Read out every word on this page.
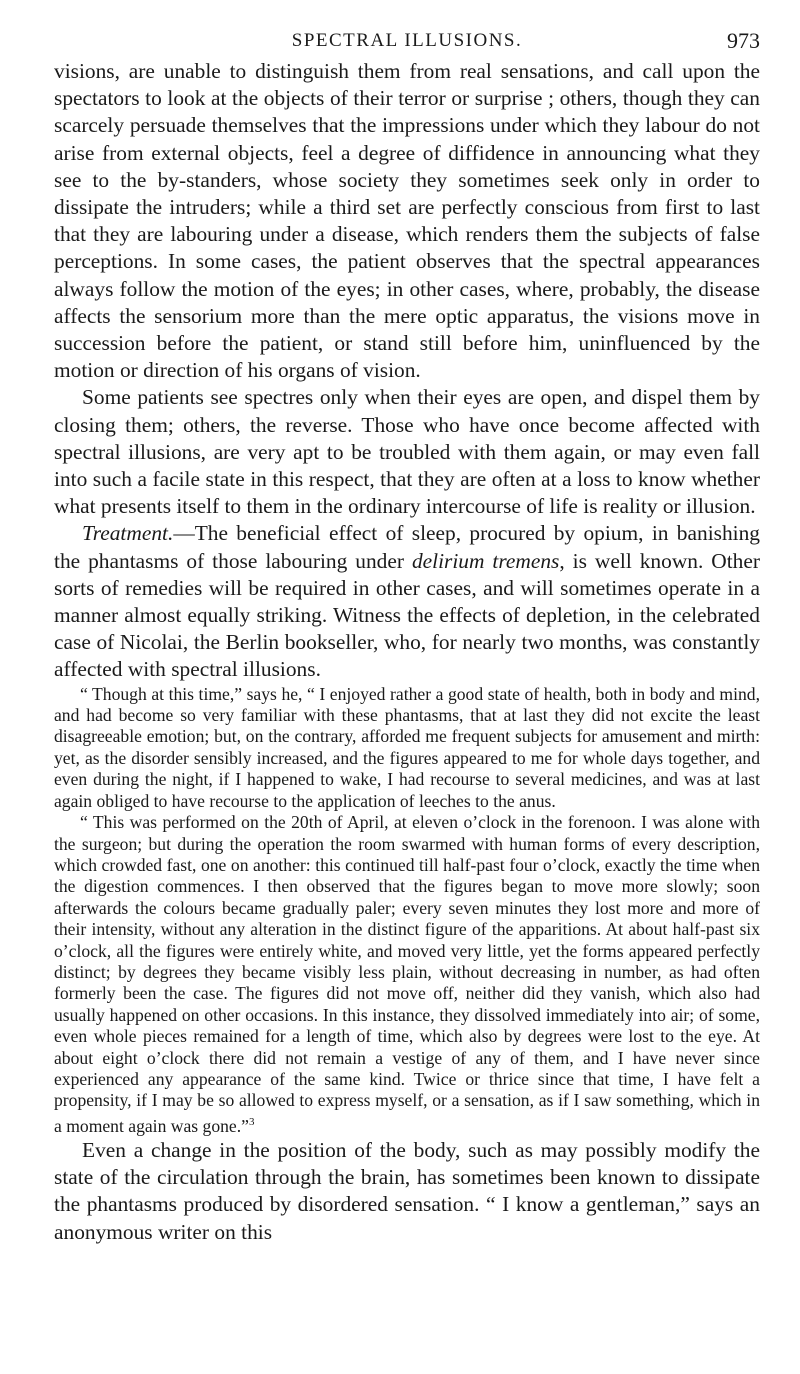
SPECTRAL ILLUSIONS.	973

visions, are unable to distinguish them from real sensations, and call upon the spectators to look at the objects of their terror or surprise ; others, though they can scarcely persuade themselves that the impressions under which they labour do not arise from external objects, feel a degree of diffidence in announcing what they see to the by-standers, whose society they sometimes seek only in order to dissipate the intruders; while a third set are perfectly conscious from first to last that they are labouring under a disease, which renders them the subjects of false perceptions. In some cases, the patient observes that the spectral appearances always follow the motion of the eyes; in other cases, where, probably, the disease affects the sensorium more than the mere optic apparatus, the visions move in succession before the patient, or stand still before him, uninfluenced by the motion or direction of his organs of vision.

Some patients see spectres only when their eyes are open, and dispel them by closing them; others, the reverse. Those who have once become affected with spectral illusions, are very apt to be troubled with them again, or may even fall into such a facile state in this respect, that they are often at a loss to know whether what presents itself to them in the ordinary intercourse of life is reality or illusion.

Treatment.—The beneficial effect of sleep, procured by opium, in banishing the phantasms of those labouring under delirium tremens, is well known. Other sorts of remedies will be required in other cases, and will sometimes operate in a manner almost equally striking. Witness the effects of depletion, in the celebrated case of Nicolai, the Berlin bookseller, who, for nearly two months, was constantly affected with spectral illusions.

“ Though at this time,” says he, “ I enjoyed rather a good state of health, both in body and mind, and had become so very familiar with these phantasms, that at last they did not excite the least disagreeable emotion; but, on the contrary, afforded me frequent subjects for amusement and mirth: yet, as the disorder sensibly increased, and the figures appeared to me for whole days together, and even during the night, if I happened to wake, I had recourse to several medicines, and was at last again obliged to have recourse to the application of leeches to the anus.

“ This was performed on the 20th of April, at eleven o’clock in the forenoon. I was alone with the surgeon; but during the operation the room swarmed with human forms of every description, which crowded fast, one on another: this continued till half-past four o’clock, exactly the time when the digestion commences. I then observed that the figures began to move more slowly; soon afterwards the colours became gradually paler; every seven minutes they lost more and more of their intensity, without any alteration in the distinct figure of the apparitions. At about half-past six o’clock, all the figures were entirely white, and moved very little, yet the forms appeared perfectly distinct; by degrees they became visibly less plain, without decreasing in number, as had often formerly been the case. The figures did not move off, neither did they vanish, which also had usually happened on other occasions. In this instance, they dissolved immediately into air; of some, even whole pieces remained for a length of time, which also by degrees were lost to the eye. At about eight o’clock there did not remain a vestige of any of them, and I have never since experienced any appearance of the same kind. Twice or thrice since that time, I have felt a propensity, if I may be so allowed to express myself, or a sensation, as if I saw something, which in a moment again was gone.”$^3$

Even a change in the position of the body, such as may possibly modify the state of the circulation through the brain, has sometimes been known to dissipate the phantasms produced by disordered sensation. “ I know a gentleman,” says an anonymous writer on this
